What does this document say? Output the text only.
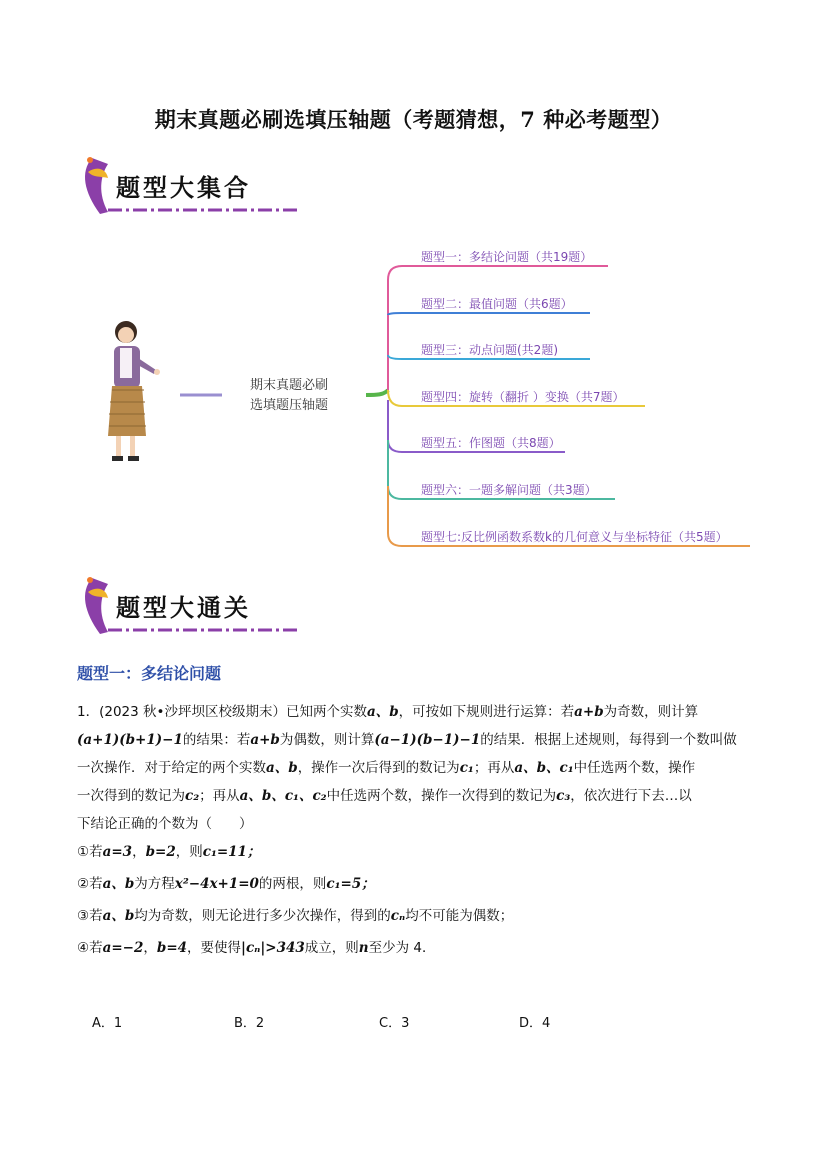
期末真题必刷选填压轴题（考题猜想，7 种必考题型）
题型大集合
期末真题必刷
选填题压轴题
题型一：多结论问题（共19题）
题型二：最值问题（共6题）
题型三：动点问题(共2题)
题型四：旋转（翻折 ）变换（共7题）
题型五：作图题（共8题）
题型六：一题多解问题（共3题）
题型七:反比例函数系数k的几何意义与坐标特征（共5题）
题型大通关
题型一：多结论问题
1．(2023 秋•沙坪坝区校级期末）已知两个实数a、b，可按如下规则进行运算：若a+b为奇数，则计算
(a+1)(b+1)−1的结果：若a+b为偶数，则计算(a−1)(b−1)−1的结果．根据上述规则，每得到一个数叫做
一次操作．对于给定的两个实数a、b，操作一次后得到的数记为c₁；再从a、b、c₁中任选两个数，操作
一次得到的数记为c₂；再从a、b、c₁、c₂中任选两个数，操作一次得到的数记为c₃，依次进行下去…以
下结论正确的个数为（　　）
①若a=3，b=2，则c₁=11；
②若a、b为方程x²−4x+1=0的两根，则c₁=5；
③若a、b均为奇数，则无论进行多少次操作，得到的cₙ均不可能为偶数；
④若a=−2，b=4，要使得|cₙ|>343成立，则n至少为 4．
A．1	B．2	C．3	D．4
